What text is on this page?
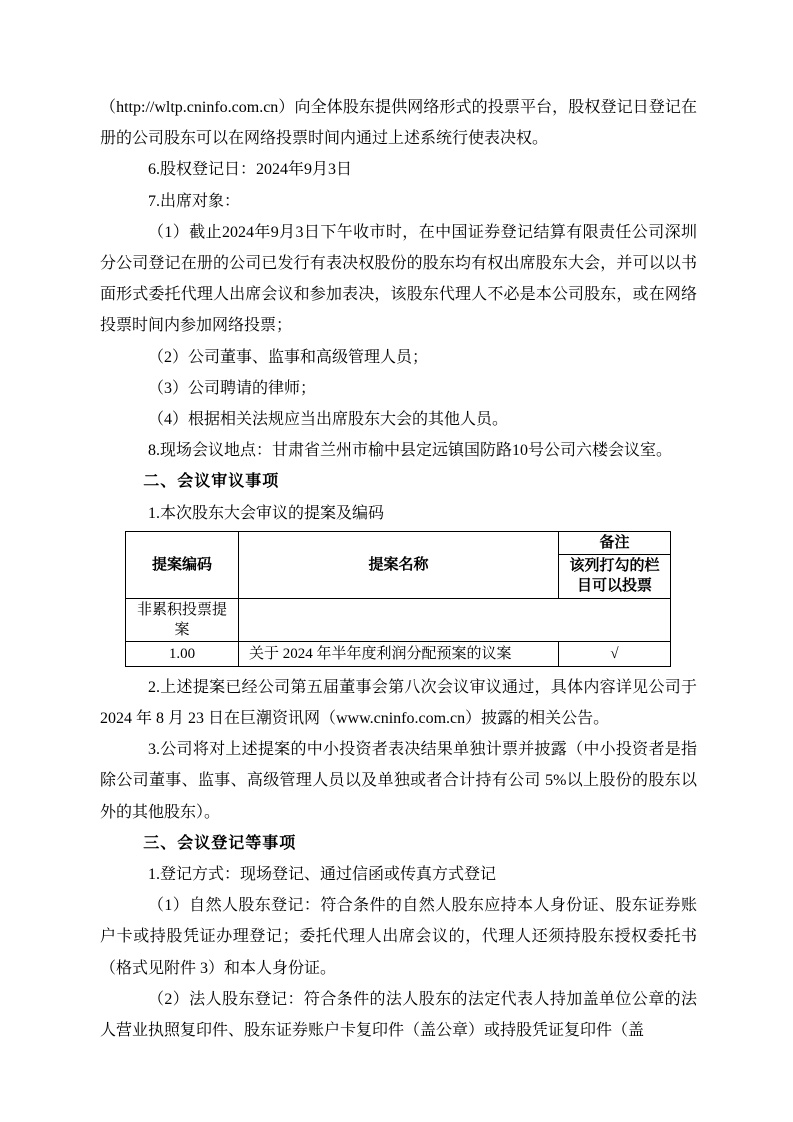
（http://wltp.cninfo.com.cn）向全体股东提供网络形式的投票平台，股权登记日登记在册的公司股东可以在网络投票时间内通过上述系统行使表决权。

6.股权登记日：2024年9月3日

7.出席对象：

（1）截止2024年9月3日下午收市时，在中国证券登记结算有限责任公司深圳分公司登记在册的公司已发行有表决权股份的股东均有权出席股东大会，并可以以书面形式委托代理人出席会议和参加表决，该股东代理人不必是本公司股东，或在网络投票时间内参加网络投票；

（2）公司董事、监事和高级管理人员；

（3）公司聘请的律师；

（4）根据相关法规应当出席股东大会的其他人员。

8.现场会议地点：甘肃省兰州市榆中县定远镇国防路10号公司六楼会议室。

二、会议审议事项

1.本次股东大会审议的提案及编码

提案编码	提案名称	备注
		该列打勾的栏目可以投票
非累积投票提案		
1.00	关于 2024 年半年度利润分配预案的议案	√

2.上述提案已经公司第五届董事会第八次会议审议通过，具体内容详见公司于 2024 年 8 月 23 日在巨潮资讯网（www.cninfo.com.cn）披露的相关公告。

3.公司将对上述提案的中小投资者表决结果单独计票并披露（中小投资者是指除公司董事、监事、高级管理人员以及单独或者合计持有公司 5%以上股份的股东以外的其他股东）。

三、会议登记等事项

1.登记方式：现场登记、通过信函或传真方式登记

（1）自然人股东登记：符合条件的自然人股东应持本人身份证、股东证券账户卡或持股凭证办理登记；委托代理人出席会议的，代理人还须持股东授权委托书（格式见附件 3）和本人身份证。

（2）法人股东登记：符合条件的法人股东的法定代表人持加盖单位公章的法人营业执照复印件、股东证券账户卡复印件（盖公章）或持股凭证复印件（盖
